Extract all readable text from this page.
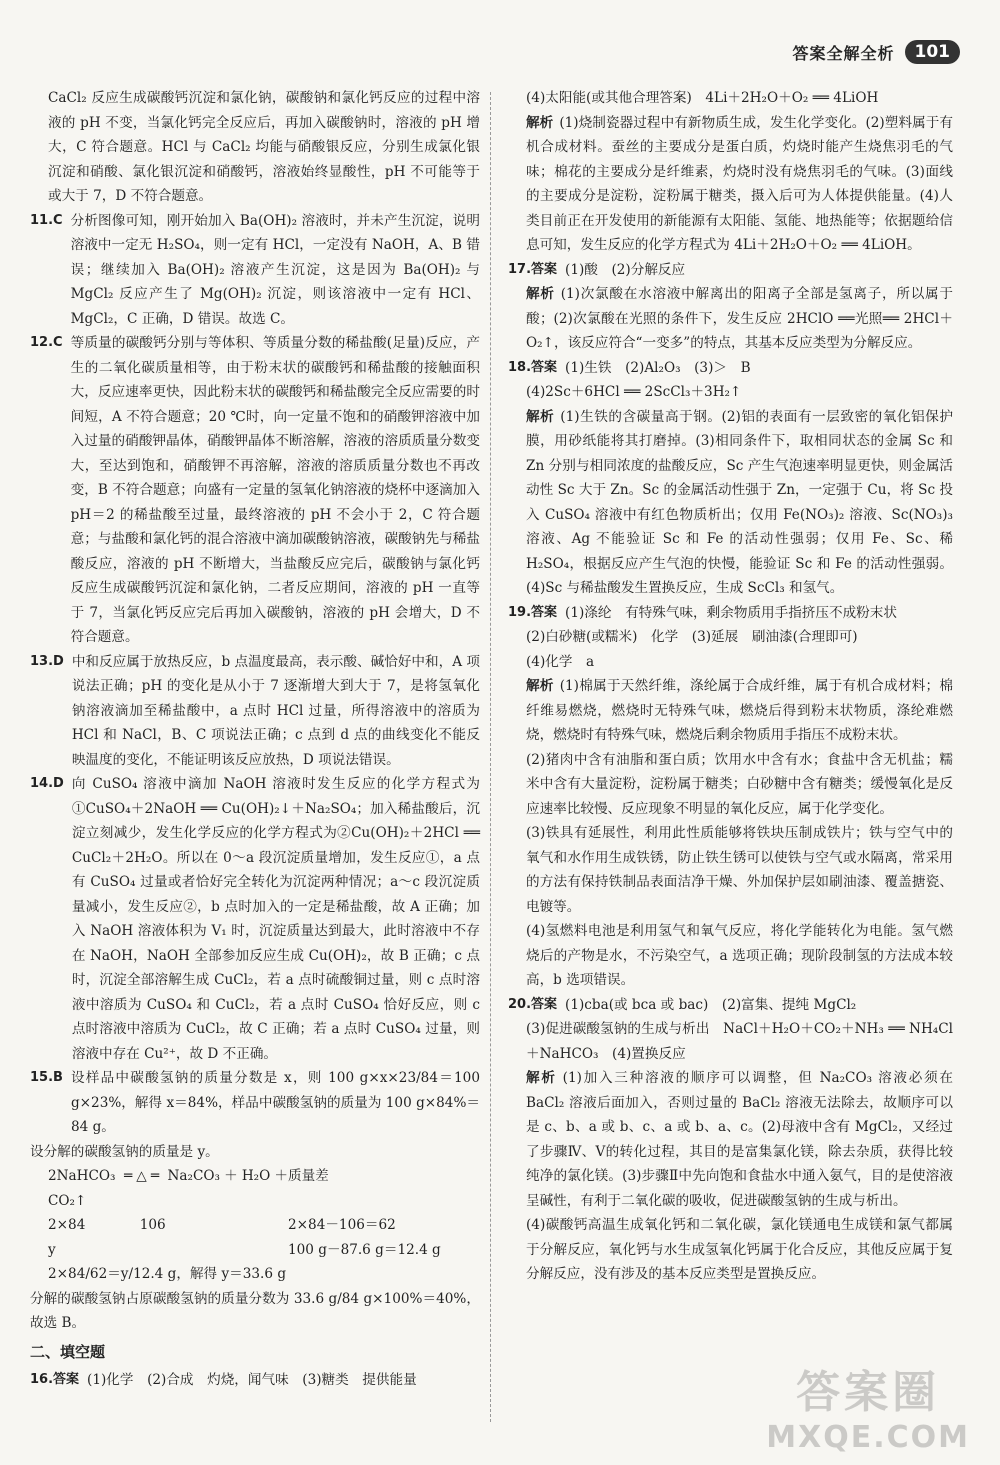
答案全解全析	101

CaCl₂ 反应生成碳酸钙沉淀和氯化钠，碳酸钠和氯化钙反应的过程中溶液的 pH 不变，当氯化钙完全反应后，再加入碳酸钠时，溶液的 pH 增大，C 符合题意。HCl 与 CaCl₂ 均能与硝酸银反应，分别生成氯化银沉淀和硝酸、氯化银沉淀和硝酸钙，溶液始终显酸性，pH 不可能等于或大于 7，D 不符合题意。

11.C 分析图像可知，刚开始加入 Ba(OH)₂ 溶液时，并未产生沉淀，说明溶液中一定无 H₂SO₄，则一定有 HCl，一定没有 NaOH，A、B 错误；继续加入 Ba(OH)₂ 溶液产生沉淀，这是因为 Ba(OH)₂ 与 MgCl₂ 反应产生了 Mg(OH)₂ 沉淀，则该溶液中一定有 HCl、MgCl₂，C 正确，D 错误。故选 C。
12.C 等质量的碳酸钙分别与等体积、等质量分数的稀盐酸(足量)反应，产生的二氧化碳质量相等，由于粉末状的碳酸钙和稀盐酸的接触面积大，反应速率更快，因此粉末状的碳酸钙和稀盐酸完全反应需要的时间短，A 不符合题意；20 ℃时，向一定量不饱和的硝酸钾溶液中加入过量的硝酸钾晶体，硝酸钾晶体不断溶解，溶液的溶质质量分数变大，至达到饱和，硝酸钾不再溶解，溶液的溶质质量分数也不再改变，B 不符合题意；向盛有一定量的氢氧化钠溶液的烧杯中逐滴加入 pH＝2 的稀盐酸至过量，最终溶液的 pH 不会小于 2，C 符合题意；与盐酸和氯化钙的混合溶液中滴加碳酸钠溶液，碳酸钠先与稀盐酸反应，溶液的 pH 不断增大，当盐酸反应完后，碳酸钠与氯化钙反应生成碳酸钙沉淀和氯化钠，二者反应期间，溶液的 pH 一直等于 7，当氯化钙反应完后再加入碳酸钠，溶液的 pH 会增大，D 不符合题意。
13.D 中和反应属于放热反应，b 点温度最高，表示酸、碱恰好中和，A 项说法正确；pH 的变化是从小于 7 逐渐增大到大于 7，是将氢氧化钠溶液滴加至稀盐酸中，a 点时 HCl 过量，所得溶液中的溶质为 HCl 和 NaCl，B、C 项说法正确；c 点到 d 点的曲线变化不能反映温度的变化，不能证明该反应放热，D 项说法错误。
14.D 向 CuSO₄ 溶液中滴加 NaOH 溶液时发生反应的化学方程式为①CuSO₄＋2NaOH ══ Cu(OH)₂↓＋Na₂SO₄；加入稀盐酸后，沉淀立刻减少，发生化学反应的化学方程式为②Cu(OH)₂＋2HCl ══ CuCl₂＋2H₂O。所以在 0～a 段沉淀质量增加，发生反应①，a 点有 CuSO₄ 过量或者恰好完全转化为沉淀两种情况；a～c 段沉淀质量减小，发生反应②，b 点时加入的一定是稀盐酸，故 A 正确；加入 NaOH 溶液体积为 V₁ 时，沉淀质量达到最大，此时溶液中不存在 NaOH，NaOH 全部参加反应生成 Cu(OH)₂，故 B 正确；c 点时，沉淀全部溶解生成 CuCl₂，若 a 点时硫酸铜过量，则 c 点时溶液中溶质为 CuSO₄ 和 CuCl₂，若 a 点时 CuSO₄ 恰好反应，则 c 点时溶液中溶质为 CuCl₂，故 C 正确；若 a 点时 CuSO₄ 过量，则溶液中存在 Cu²⁺，故 D 不正确。
15.B 设样品中碳酸氢钠的质量分数是 x，则 100 g×x×23/84＝100 g×23%，解得 x＝84%，样品中碳酸氢钠的质量为 100 g×84%＝84 g。

设分解的碳酸氢钠的质量是 y。

2NaHCO₃ ═△═ Na₂CO₃＋H₂O＋CO₂↑
质量差
2×84　　　　106	2×84－106＝62
y	100 g－87.6 g＝12.4 g

2×84/62＝y/12.4 g，解得 y＝33.6 g

分解的碳酸氢钠占原碳酸氢钠的质量分数为 33.6 g/84 g×100%＝40%，故选 B。

二、填空题
16.答案 (1)化学　(2)合成　灼烧，闻气味　(3)糖类　提供能量

(4)太阳能(或其他合理答案)　4Li＋2H₂O＋O₂ ══ 4LiOH

解析 (1)烧制瓷器过程中有新物质生成，发生化学变化。(2)塑料属于有机合成材料。蚕丝的主要成分是蛋白质，灼烧时能产生烧焦羽毛的气味；棉花的主要成分是纤维素，灼烧时没有烧焦羽毛的气味。(3)面线的主要成分是淀粉，淀粉属于糖类，摄入后可为人体提供能量。(4)人类目前正在开发使用的新能源有太阳能、氢能、地热能等；依据题给信息可知，发生反应的化学方程式为 4Li＋2H₂O＋O₂ ══ 4LiOH。

17.答案 (1)酸　(2)分解反应

解析 (1)次氯酸在水溶液中解离出的阳离子全部是氢离子，所以属于酸；(2)次氯酸在光照的条件下，发生反应 2HClO ══光照══ 2HCl＋O₂↑，该反应符合“一变多”的特点，其基本反应类型为分解反应。

18.答案 (1)生铁　(2)Al₂O₃　(3)＞　B

(4)2Sc＋6HCl ══ 2ScCl₃＋3H₂↑

解析 (1)生铁的含碳量高于钢。(2)铝的表面有一层致密的氧化铝保护膜，用砂纸能将其打磨掉。(3)相同条件下，取相同状态的金属 Sc 和 Zn 分别与相同浓度的盐酸反应，Sc 产生气泡速率明显更快，则金属活动性 Sc 大于 Zn。Sc 的金属活动性强于 Zn，一定强于 Cu，将 Sc 投入 CuSO₄ 溶液中有红色物质析出；仅用 Fe(NO₃)₂ 溶液、Sc(NO₃)₃ 溶液、Ag 不能验证 Sc 和 Fe 的活动性强弱；仅用 Fe、Sc、稀 H₂SO₄，根据反应产生气泡的快慢，能验证 Sc 和 Fe 的活动性强弱。(4)Sc 与稀盐酸发生置换反应，生成 ScCl₃ 和氢气。

19.答案 (1)涤纶　有特殊气味，剩余物质用手指挤压不成粉末状

(2)白砂糖(或糯米)　化学　(3)延展　刷油漆(合理即可)

(4)化学　a

解析 (1)棉属于天然纤维，涤纶属于合成纤维，属于有机合成材料；棉纤维易燃烧，燃烧时无特殊气味，燃烧后得到粉末状物质，涤纶难燃烧，燃烧时有特殊气味，燃烧后剩余物质用手指压不成粉末状。

(2)猪肉中含有油脂和蛋白质；饮用水中含有水；食盐中含无机盐；糯米中含有大量淀粉，淀粉属于糖类；白砂糖中含有糖类；缓慢氧化是反应速率比较慢、反应现象不明显的氧化反应，属于化学变化。

(3)铁具有延展性，利用此性质能够将铁块压制成铁片；铁与空气中的氧气和水作用生成铁锈，防止铁生锈可以使铁与空气或水隔离，常采用的方法有保持铁制品表面洁净干燥、外加保护层如刷油漆、覆盖搪瓷、电镀等。

(4)氢燃料电池是利用氢气和氧气反应，将化学能转化为电能。氢气燃烧后的产物是水，不污染空气，a 选项正确；现阶段制氢的方法成本较高，b 选项错误。

20.答案 (1)cba(或 bca 或 bac)　(2)富集、提纯 MgCl₂

(3)促进碳酸氢钠的生成与析出　NaCl＋H₂O＋CO₂＋NH₃ ══ NH₄Cl＋NaHCO₃　(4)置换反应

解析 (1)加入三种溶液的顺序可以调整，但 Na₂CO₃ 溶液必须在 BaCl₂ 溶液后面加入，否则过量的 BaCl₂ 溶液无法除去，故顺序可以是 c、b、a 或 b、c、a 或 b、a、c。(2)母液中含有 MgCl₂，又经过了步骤Ⅳ、Ⅴ的转化过程，其目的是富集氯化镁，除去杂质，获得比较纯净的氯化镁。(3)步骤Ⅱ中先向饱和食盐水中通入氨气，目的是使溶液呈碱性，有利于二氧化碳的吸收，促进碳酸氢钠的生成与析出。

(4)碳酸钙高温生成氧化钙和二氧化碳，氯化镁通电生成镁和氯气都属于分解反应，氧化钙与水生成氢氧化钙属于化合反应，其他反应属于复分解反应，没有涉及的基本反应类型是置换反应。

答案圈
MXQE.COM
